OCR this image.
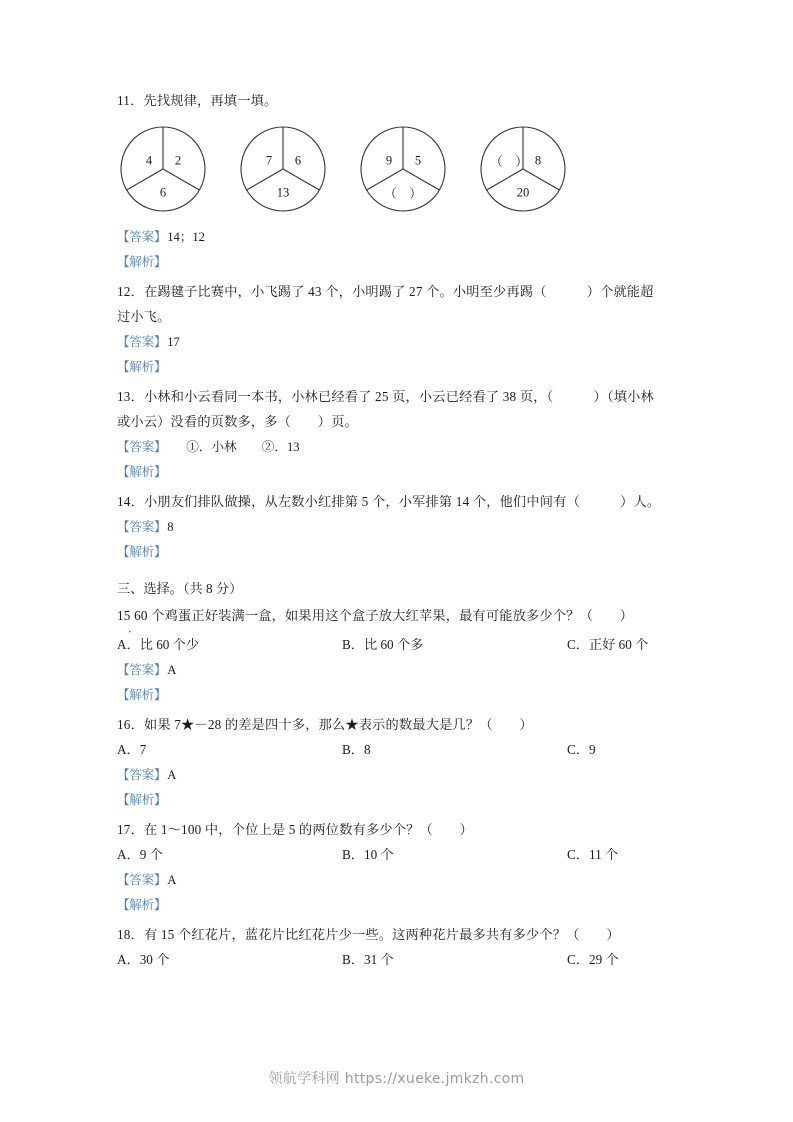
11．先找规律，再填一填。
4 2
6
7 6
13
9 5
（　）
（　） 8
20
【答案】14；12
【解析】
12．在踢毽子比赛中，小飞踢了 43 个，小明踢了 27 个。小明至少再踢（　　　）个就能超
过小飞。
【答案】17
【解析】
13．小林和小云看同一本书，小林已经看了 25 页，小云已经看了 38 页，（　　　）（填小林
或小云）没看的页数多，多（　　）页。
【答案】 ①．小林　　②．13
【解析】
14．小朋友们排队做操，从左数小红排第 5 个，小军排第 14 个，他们中间有（　　　）人。
【答案】8
【解析】
三、选择。（共 8 分）
15 60 个鸡蛋正好装满一盒，如果用这个盒子放大红苹果，最有可能放多少个？（　　）
．
A．比 60 个少	B．比 60 个多	C．正好 60 个
【答案】A
【解析】
16．如果 7★－28 的差是四十多，那么★表示的数最大是几？（　　）
A．7	B．8	C．9
【答案】A
【解析】
17．在 1～100 中，个位上是 5 的两位数有多少个？（　　）
A．9 个	B．10 个	C．11 个
【答案】A
【解析】
18．有 15 个红花片，蓝花片比红花片少一些。这两种花片最多共有多少个？（　　）
A．30 个	B．31 个	C．29 个
领航学科网 https://xueke.jmkzh.com
